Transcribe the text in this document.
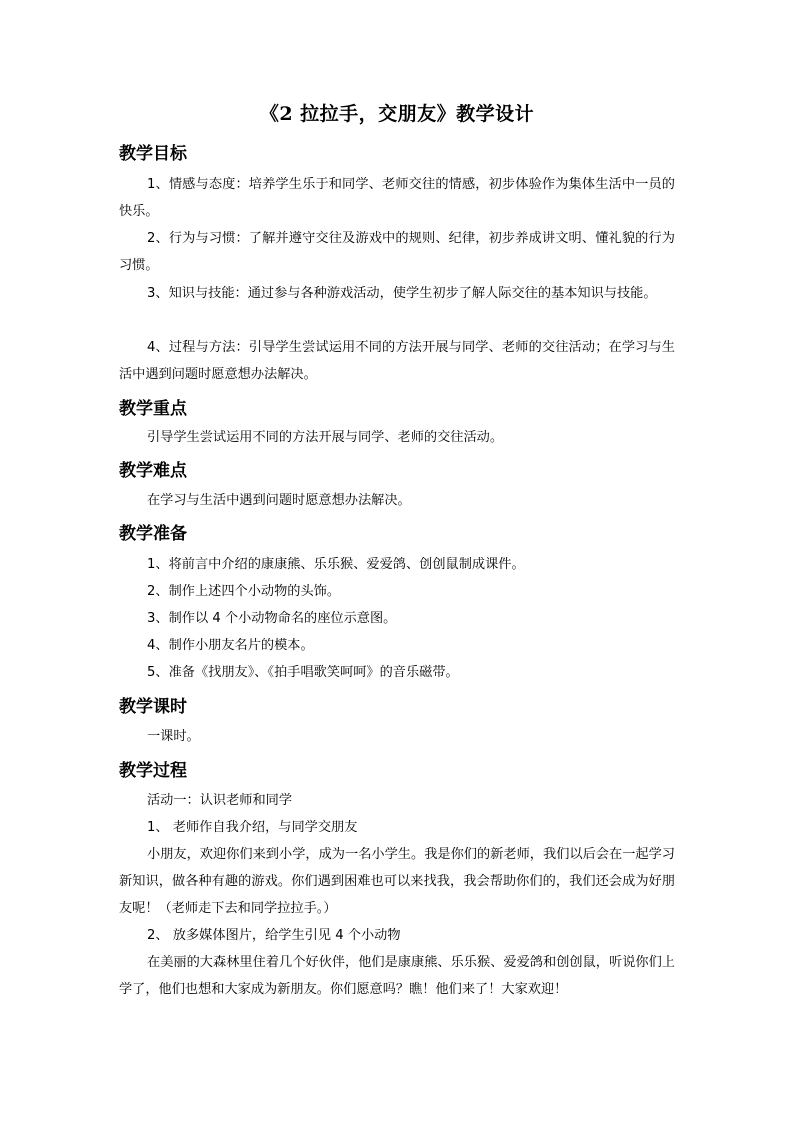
《2 拉拉手，交朋友》教学设计
教学目标
1、情感与态度：培养学生乐于和同学、老师交往的情感，初步体验作为集体生活中一员的快乐。
2、行为与习惯：了解并遵守交往及游戏中的规则、纪律，初步养成讲文明、懂礼貌的行为习惯。
3、知识与技能：通过参与各种游戏活动，使学生初步了解人际交往的基本知识与技能。
4、过程与方法：引导学生尝试运用不同的方法开展与同学、老师的交往活动；在学习与生活中遇到问题时愿意想办法解决。
教学重点
引导学生尝试运用不同的方法开展与同学、老师的交往活动。
教学难点
在学习与生活中遇到问题时愿意想办法解决。
教学准备
1、将前言中介绍的康康熊、乐乐猴、爱爱鸽、创创鼠制成课件。
2、制作上述四个小动物的头饰。
3、制作以 4 个小动物命名的座位示意图。
4、制作小朋友名片的模本。
5、准备《找朋友》、《拍手唱歌笑呵呵》的音乐磁带。
教学课时
一课时。
教学过程
活动一：认识老师和同学
1、 老师作自我介绍，与同学交朋友
小朋友，欢迎你们来到小学，成为一名小学生。我是你们的新老师，我们以后会在一起学习新知识，做各种有趣的游戏。你们遇到困难也可以来找我，我会帮助你们的，我们还会成为好朋友呢！（老师走下去和同学拉拉手。）
2、 放多媒体图片，给学生引见 4 个小动物
在美丽的大森林里住着几个好伙伴，他们是康康熊、乐乐猴、爱爱鸽和创创鼠，听说你们上学了，他们也想和大家成为新朋友。你们愿意吗？瞧！他们来了！大家欢迎！
